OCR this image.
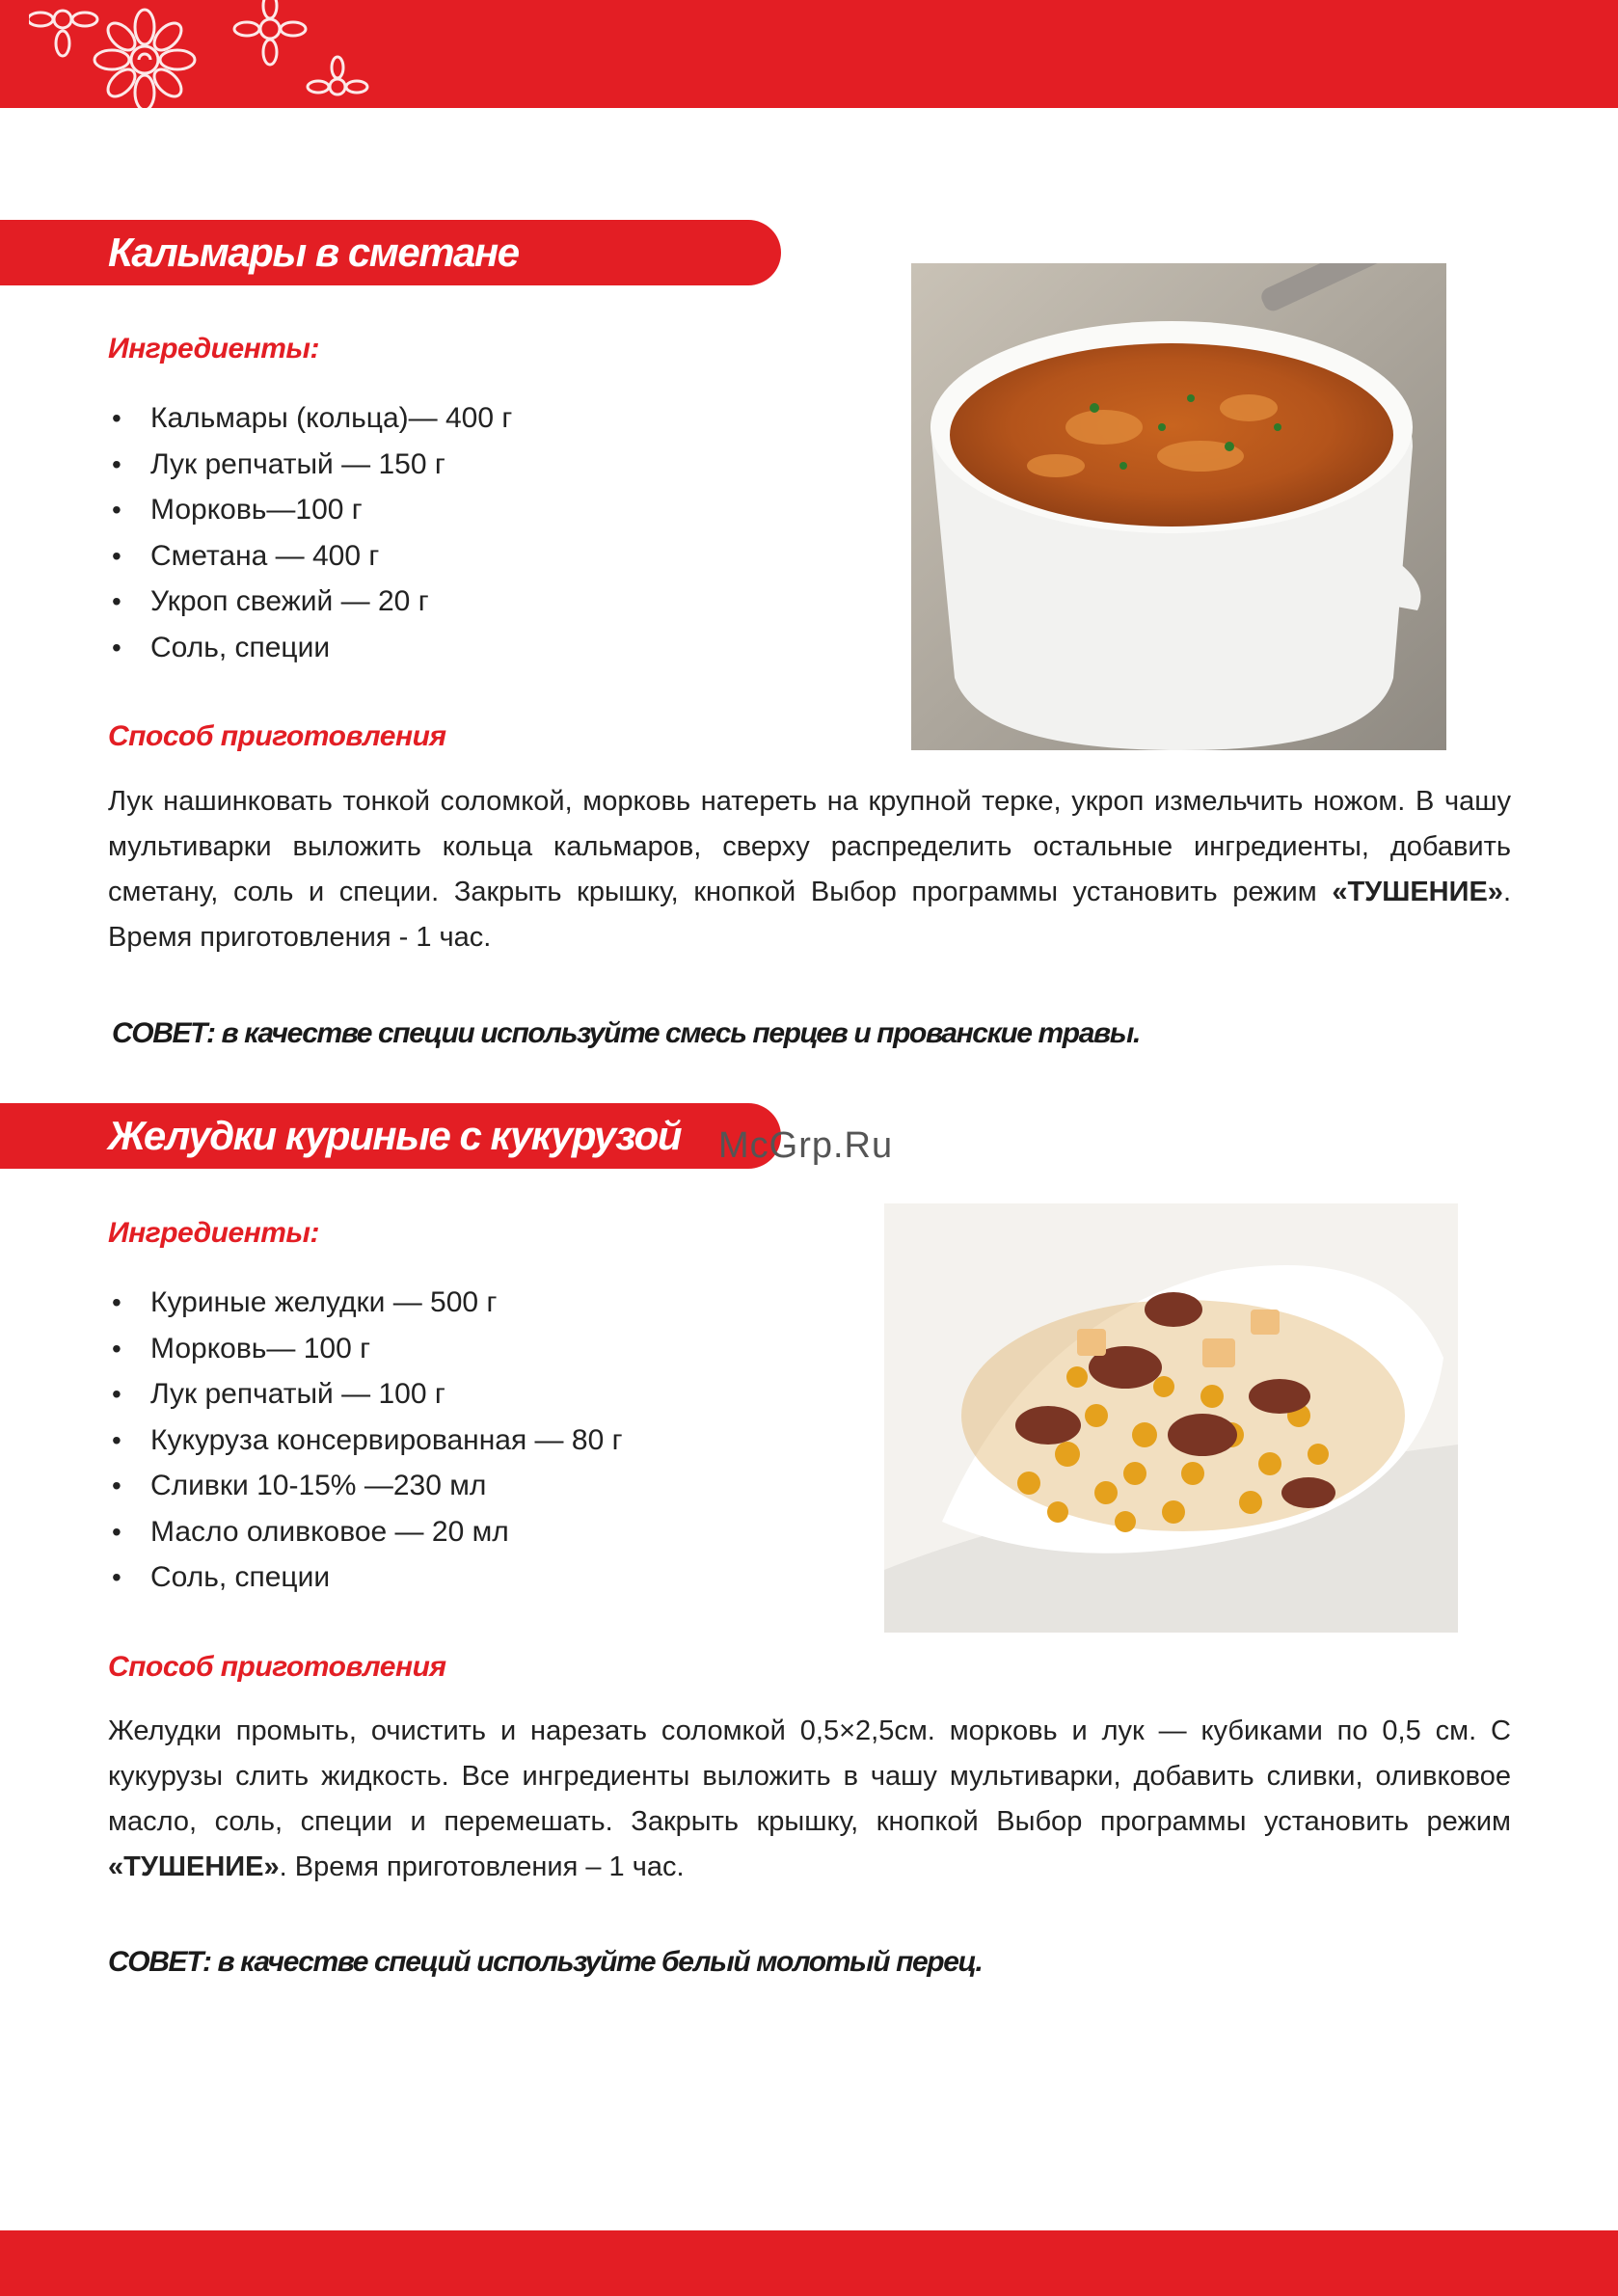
Кальмары в сметане
Ингредиенты:
• Кальмары (кольца)— 400 г
• Лук репчатый — 150 г
• Морковь—100 г
• Сметана — 400 г
• Укроп свежий — 20 г
• Соль, специи
Способ приготовления

Лук нашинковать тонкой соломкой, морковь натереть на крупной терке, укроп измельчить ножом. В чашу мультиварки выложить кольца кальмаров, сверху распределить остальные ингредиенты, добавить сметану, соль и специи. Закрыть крышку, кнопкой Выбор программы установить режим «ТУШЕНИЕ». Время приготовления - 1 час.

СОВЕТ: в качестве специи используйте смесь перцев и прованские травы.
Желудки куриные с кукурузой McGrp.Ru
Ингредиенты:
• Куриные желудки — 500 г
• Морковь— 100 г
• Лук репчатый — 100 г
• Кукуруза консервированная — 80 г
• Сливки 10-15% —230 мл
• Масло оливковое — 20 мл
• Соль, специи
Способ приготовления

Желудки промыть, очистить и нарезать соломкой 0,5×2,5см. морковь и лук — кубиками по 0,5 см. С кукурузы слить жидкость. Все ингредиенты выложить в чашу мультиварки, добавить сливки, оливковое масло, соль, специи и перемешать. Закрыть крышку, кнопкой Выбор программы установить режим «ТУШЕНИЕ». Время приготовления – 1 час.

СОВЕТ: в качестве специй используйте белый молотый перец.
